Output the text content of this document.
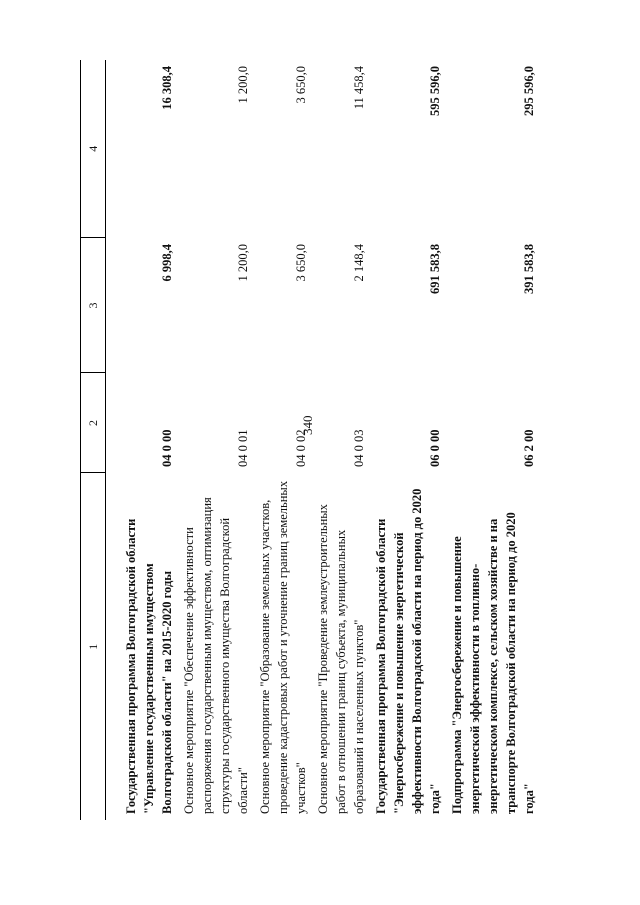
340
1	2	3	4

Государственная программа Волгоградской области "Управление государственным имуществом Волгоградской области" на 2015-2020 годы	04 0 00	6 998,4	16 308,4
Основное мероприятие "Обеспечение эффективности распоряжения государственным имуществом, оптимизация структуры государственного имущества Волгоградской области"	04 0 01	1 200,0	1 200,0
Основное мероприятие "Образование земельных участков, проведение кадастровых работ и уточнение границ земельных участков"	04 0 02	3 650,0	3 650,0
Основное мероприятие "Проведение землеустроительных работ в отношении границ субъекта, муниципальных образований и населенных пунктов"	04 0 03	2 148,4	11 458,4
Государственная программа Волгоградской области "Энергосбережение и повышение энергетической эффективности Волгоградской области на период до 2020 года"	06 0 00	691 583,8	595 596,0
Подпрограмма "Энергосбережение и повышение энергетической эффективности в топливно-энергетическом комплексе, сельском хозяйстве и на транспорте Волгоградской области на период до 2020 года"	06 2 00	391 583,8	295 596,0
